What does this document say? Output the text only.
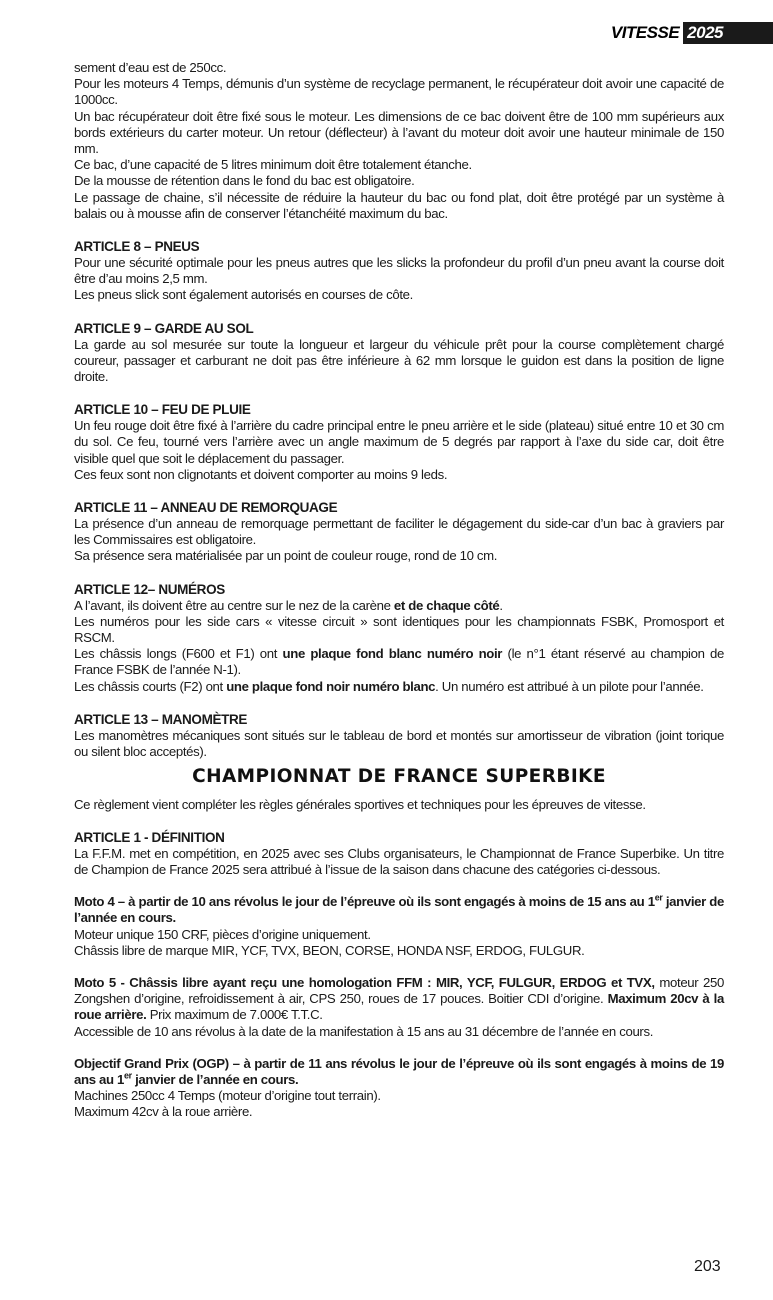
VITESSE 2025

sement d’eau est de 250cc.

Pour les moteurs 4 Temps, démunis d’un système de recyclage permanent, le récupérateur doit avoir une capacité de 1000cc.

Un bac récupérateur doit être fixé sous le moteur. Les dimensions de ce bac doivent être de 100 mm supérieurs aux bords extérieurs du carter moteur. Un retour (déflecteur) à l’avant du moteur doit avoir une hauteur minimale de 150 mm.

Ce bac, d’une capacité de 5 litres minimum doit être totalement étanche.

De la mousse de rétention dans le fond du bac est obligatoire.

Le passage de chaine, s’il nécessite de réduire la hauteur du bac ou fond plat, doit être protégé par un système à balais ou à mousse afin de conserver l’étanchéité maximum du bac.

ARTICLE 8 – PNEUS

Pour une sécurité optimale pour les pneus autres que les slicks la profondeur du profil d’un pneu avant la course doit être d’au moins 2,5 mm.

Les pneus slick sont également autorisés en courses de côte.

ARTICLE 9 – GARDE AU SOL

La garde au sol mesurée sur toute la longueur et largeur du véhicule prêt pour la course complètement chargé coureur, passager et carburant ne doit pas être inférieure à 62 mm lorsque le guidon est dans la position de ligne droite.

ARTICLE 10 – FEU DE PLUIE

Un feu rouge doit être fixé à l’arrière du cadre principal entre le pneu arrière et le side (plateau) situé entre 10 et 30 cm du sol. Ce feu, tourné vers l’arrière avec un angle maximum de 5 degrés par rapport à l’axe du side car, doit être visible quel que soit le déplacement du passager.

Ces feux sont non clignotants et doivent comporter au moins 9 leds.

ARTICLE 11 – ANNEAU DE REMORQUAGE

La présence d’un anneau de remorquage permettant de faciliter le dégagement du side-car d’un bac à graviers par les Commissaires est obligatoire.

Sa présence sera matérialisée par un point de couleur rouge, rond de 10 cm.

ARTICLE 12– NUMÉROS

A l’avant, ils doivent être au centre sur le nez de la carène et de chaque côté.

Les numéros pour les side cars « vitesse circuit » sont identiques pour les championnats FSBK, Promosport et RSCM.

Les châssis longs (F600 et F1) ont une plaque fond blanc numéro noir (le n°1 étant réservé au champion de France FSBK de l’année N-1).

Les châssis courts (F2) ont une plaque fond noir numéro blanc. Un numéro est attribué à un pilote pour l’année.

ARTICLE 13 – MANOMÈTRE

Les manomètres mécaniques sont situés sur le tableau de bord et montés sur amortisseur de vibration (joint torique ou silent bloc acceptés).

CHAMPIONNAT DE FRANCE SUPERBIKE

Ce règlement vient compléter les règles générales sportives et techniques pour les épreuves de vitesse.

ARTICLE 1 - DÉFINITION

La F.F.M. met en compétition, en 2025 avec ses Clubs organisateurs, le Championnat de France Superbike. Un titre de Champion de France 2025 sera attribué à l’issue de la saison dans chacune des catégories ci-dessous.

Moto 4 – à partir de 10 ans révolus le jour de l’épreuve où ils sont engagés à moins de 15 ans au 1er janvier de l’année en cours.

Moteur unique 150 CRF, pièces d’origine uniquement.

Châssis libre de marque MIR, YCF, TVX, BEON, CORSE, HONDA NSF, ERDOG, FULGUR.

Moto 5 - Châssis libre ayant reçu une homologation FFM : MIR, YCF, FULGUR, ERDOG et TVX, moteur 250 Zongshen d’origine, refroidissement à air, CPS 250, roues de 17 pouces. Boitier CDI d’origine. Maximum 20cv à la roue arrière. Prix maximum de 7.000€ T.T.C.

Accessible de 10 ans révolus à la date de la manifestation à 15 ans au 31 décembre de l’année en cours.

Objectif Grand Prix (OGP) – à partir de 11 ans révolus le jour de l’épreuve où ils sont engagés à moins de 19 ans au 1er janvier de l’année en cours.

Machines 250cc 4 Temps (moteur d’origine tout terrain).

Maximum 42cv à la roue arrière.

203
